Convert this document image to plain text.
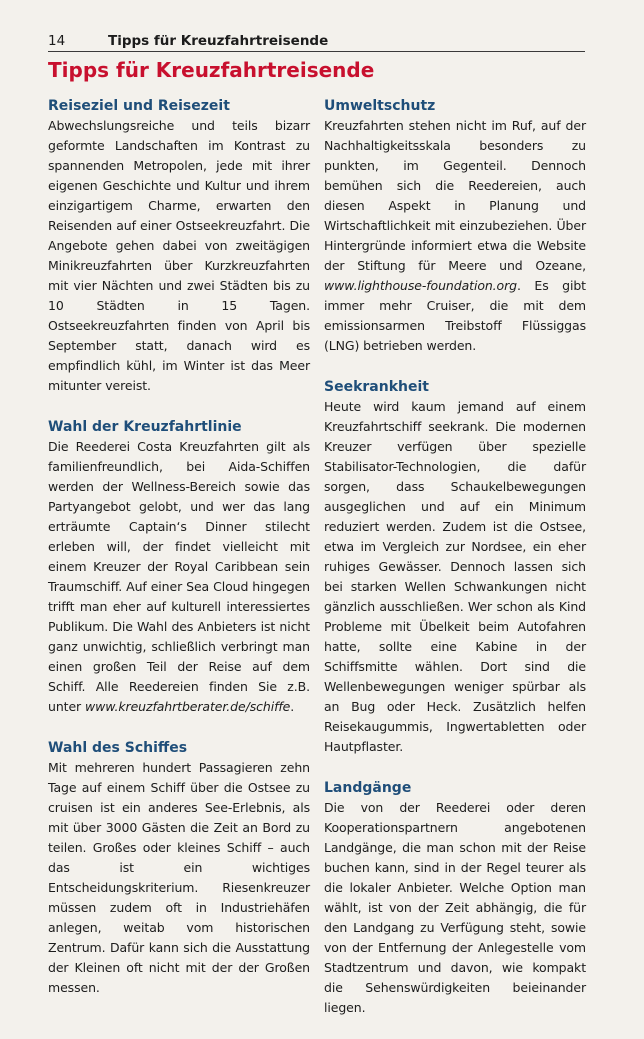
14	Tipps für Kreuzfahrtreisende
Tipps für Kreuzfahrtreisende
Reiseziel und Reisezeit

Abwechslungsreiche und teils bizarr geformte Landschaften im Kontrast zu spannenden Metropolen, jede mit ihrer eigenen Geschichte und Kultur und ihrem einzigartigem Charme, erwarten den Reisenden auf einer Ostseekreuzfahrt. Die Angebote gehen dabei von zweitägigen Minikreuzfahrten über Kurzkreuzfahrten mit vier Nächten und zwei Städten bis zu 10 Städten in 15 Tagen. Ostseekreuzfahrten finden von April bis September statt, danach wird es empfindlich kühl, im Winter ist das Meer mitunter vereist.

Wahl der Kreuzfahrtlinie

Die Reederei Costa Kreuzfahrten gilt als familienfreundlich, bei Aida-Schiffen werden der Wellness-Bereich sowie das Partyangebot gelobt, und wer das lang erträumte Captain‘s Dinner stilecht erleben will, der findet vielleicht mit einem Kreuzer der Royal Caribbean sein Traumschiff. Auf einer Sea Cloud hingegen trifft man eher auf kulturell interessiertes Publikum. Die Wahl des Anbieters ist nicht ganz unwichtig, schließlich verbringt man einen großen Teil der Reise auf dem Schiff. Alle Reedereien finden Sie z.B. unter www.kreuzfahrtberater.de/schiffe.

Wahl des Schiffes

Mit mehreren hundert Passagieren zehn Tage auf einem Schiff über die Ostsee zu cruisen ist ein anderes See-Erlebnis, als mit über 3000 Gästen die Zeit an Bord zu teilen. Großes oder kleines Schiff – auch das ist ein wichtiges Entscheidungskriterium. Riesenkreuzer müssen zudem oft in Industriehäfen anlegen, weitab vom historischen Zentrum. Dafür kann sich die Ausstattung der Kleinen oft nicht mit der der Großen messen.

Umweltschutz

Kreuzfahrten stehen nicht im Ruf, auf der Nachhaltigkeitsskala besonders zu punkten, im Gegenteil. Dennoch bemühen sich die Reedereien, auch diesen Aspekt in Planung und Wirtschaftlichkeit mit einzubeziehen. Über Hintergründe informiert etwa die Website der Stiftung für Meere und Ozeane, www.lighthouse-foundation.org. Es gibt immer mehr Cruiser, die mit dem emissionsarmen Treibstoff Flüssiggas (LNG) betrieben werden.

Seekrankheit

Heute wird kaum jemand auf einem Kreuzfahrtschiff seekrank. Die modernen Kreuzer verfügen über spezielle Stabilisator-Technologien, die dafür sorgen, dass Schaukelbewegungen ausgeglichen und auf ein Minimum reduziert werden. Zudem ist die Ostsee, etwa im Vergleich zur Nordsee, ein eher ruhiges Gewässer. Dennoch lassen sich bei starken Wellen Schwankungen nicht gänzlich ausschließen. Wer schon als Kind Probleme mit Übelkeit beim Autofahren hatte, sollte eine Kabine in der Schiffsmitte wählen. Dort sind die Wellenbewegungen weniger spürbar als an Bug oder Heck. Zusätzlich helfen Reisekaugummis, Ingwertabletten oder Hautpflaster.

Landgänge

Die von der Reederei oder deren Kooperationspartnern angebotenen Landgänge, die man schon mit der Reise buchen kann, sind in der Regel teurer als die lokaler Anbieter. Welche Option man wählt, ist von der Zeit abhängig, die für den Landgang zu Verfügung steht, sowie von der Entfernung der Anlegestelle vom Stadtzentrum und davon, wie kompakt die Sehenswürdigkeiten beieinander liegen.
